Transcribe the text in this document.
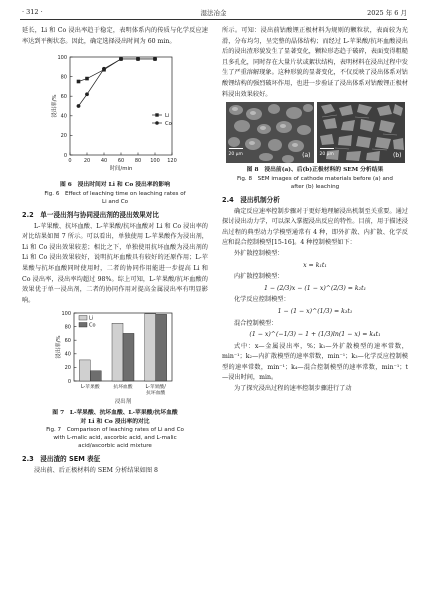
· 312 ·	湿法冶金	2025 年 6 月

延长，Li 和 Co 浸出率趋于稳定，表明体系内的传质与化学反应速率达到平衡状态。因此，确定选择浸出时间为 60 min。

0
20
40
60
80
100
0 20 40 60 80 100 120
时间/min
浸出率/%	Li
Co
图 6　浸出时间对 Li 和 Co 浸出率的影响
Fig. 6　Effect of leaching time on leaching rates of
Li and Co
2.2　单一浸出剂与协同浸出剂的浸出效果对比

L-苹果酸、抗坏血酸、L-苹果酸/抗坏血酸对 Li 和 Co 浸出率的对比结果如图 7 所示。可以看出，单独使用 L-苹果酸作为浸出剂，Li 和 Co 浸出效果较差；相比之下，单独使用抗坏血酸为浸出剂的 Li 和 Co 浸出效果较好，说明抗坏血酸具有较好的还原作用；L-苹果酸与抗坏血酸同时使用时，二者的协同作用能进一步提高 Li 和 Co 浸出率，浸出率均超过 98%。综上可知，L-苹果酸/抗坏血酸的效果优于单一浸出剂，二者的协同作用对提高金属浸出率有明显影响。

0
20
40
60
80
100
浸出率/%
L-苹果酸	抗坏血酸	L-苹果酸/
抗坏血酸
浸出剂
Li
Co
图 7　L-苹果酸、抗坏血酸、L-苹果酸/抗坏血酸
对 Li 和 Co 浸出率的对比
Fig. 7　Comparison of leaching rates of Li and Co
with L-malic acid, ascorbic acid, and L-malic
acid/ascorbic acid mixture
2.3　浸出渣的 SEM 表征

浸出前、后正极材料的 SEM 分析结果如图 8

所示。可知：浸出前钴酸锂正极材料为规则的颗粒状，表面较为光滑，分布均匀，呈完整的晶体结构；而经过 L-苹果酸/抗坏血酸浸出后的浸出渣形貌发生了显著变化，颗粒形态趋于破碎，表面变得粗糙且多孔化，同时存在大量片状或絮状结构，表明材料在浸出过程中发生了严重溶解现象。这种形貌的显著变化，不仅反映了浸出体系对钴酸锂结构的强烈破坏作用，也进一步验证了浸出体系对钴酸锂正极材料浸出效果较好。

20 μm	(a) 20 μm	(b)
图 8　浸出前(a)、后(b)正极材料的 SEM 分析结果
Fig. 8　SEM images of cathode materials before (a) and
after (b) leaching
2.4　浸出机制分析

确定反应速率控制步骤对于更好地理解浸出机制至关重要。通过探讨浸出动力学，可以深入掌握浸出反应的特性。目前，用于描述浸出过程的典型动力学模型通常有 4 种，即外扩散、内扩散、化学反应和混合控制模型[15-16]。4 种控制模型如下：

外扩散控制模型：

x = k₁t₁

内扩散控制模型：

1 − (2/3)x − (1 − x)^(2/3) = k₂t₁

化学反应控制模型：

1 − (1 − x)^(1/3) = k₃t₁

混合控制模型：

(1 − x)^(−1/3) − 1 + (1/3)ln(1 − x) = k₄t₁

式中：x—金属浸出率，%；k₁—外扩散模型的速率常数，min⁻¹；k₂—内扩散模型的速率常数，min⁻¹；k₃—化学反应控制模型的速率常数，min⁻¹；k₄—混合控制模型的速率常数，min⁻¹；t—浸出时间，min。

为了探究浸出过程的速率控制步骤进行了动
